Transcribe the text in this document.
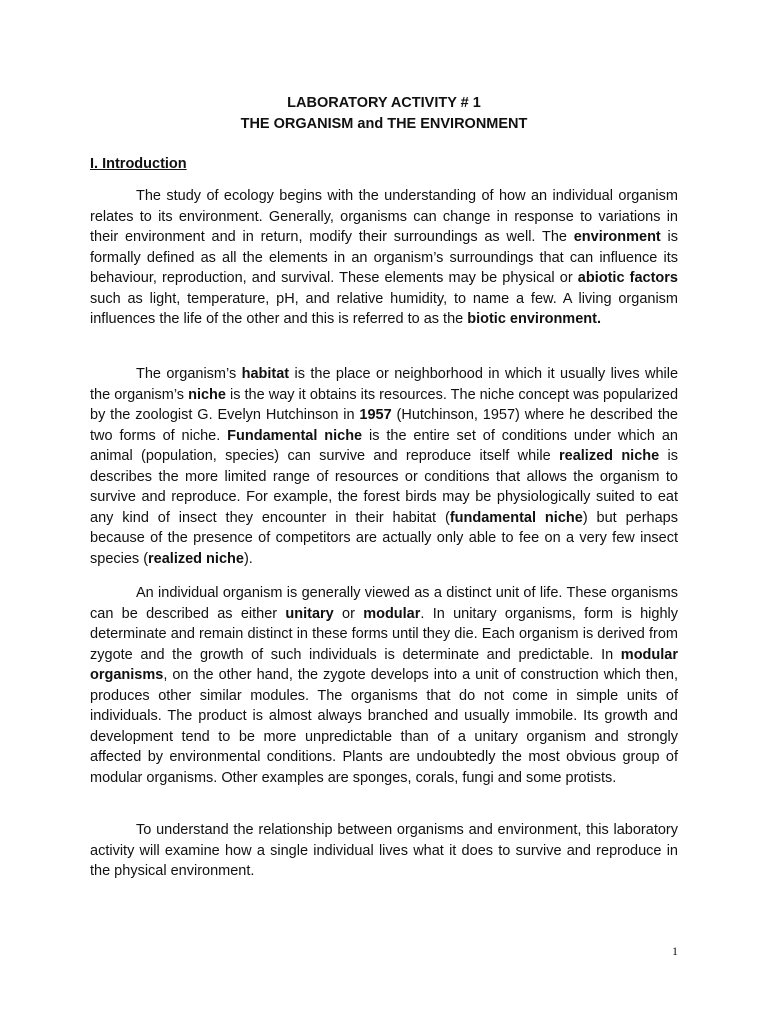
LABORATORY ACTIVITY # 1
THE ORGANISM and THE ENVIRONMENT
I. Introduction

The study of ecology begins with the understanding of how an individual organism relates to its environment. Generally, organisms can change in response to variations in their environment and in return, modify their surroundings as well. The environment is formally defined as all the elements in an organism’s surroundings that can influence its behaviour, reproduction, and survival. These elements may be physical or abiotic factors such as light, temperature, pH, and relative humidity, to name a few. A living organism influences the life of the other and this is referred to as the biotic environment.

The organism’s habitat is the place or neighborhood in which it usually lives while the organism’s niche is the way it obtains its resources. The niche concept was popularized by the zoologist G. Evelyn Hutchinson in 1957 (Hutchinson, 1957) where he described the two forms of niche. Fundamental niche is the entire set of conditions under which an animal (population, species) can survive and reproduce itself while realized niche is describes the more limited range of resources or conditions that allows the organism to survive and reproduce. For example, the forest birds may be physiologically suited to eat any kind of insect they encounter in their habitat (fundamental niche) but perhaps because of the presence of competitors are actually only able to fee on a very few insect species (realized niche).

An individual organism is generally viewed as a distinct unit of life. These organisms can be described as either unitary or modular. In unitary organisms, form is highly determinate and remain distinct in these forms until they die. Each organism is derived from zygote and the growth of such individuals is determinate and predictable. In modular organisms, on the other hand, the zygote develops into a unit of construction which then, produces other similar modules. The organisms that do not come in simple units of individuals. The product is almost always branched and usually immobile. Its growth and development tend to be more unpredictable than of a unitary organism and strongly affected by environmental conditions. Plants are undoubtedly the most obvious group of modular organisms. Other examples are sponges, corals, fungi and some protists.

To understand the relationship between organisms and environment, this laboratory activity will examine how a single individual lives what it does to survive and reproduce in the physical environment.

1
